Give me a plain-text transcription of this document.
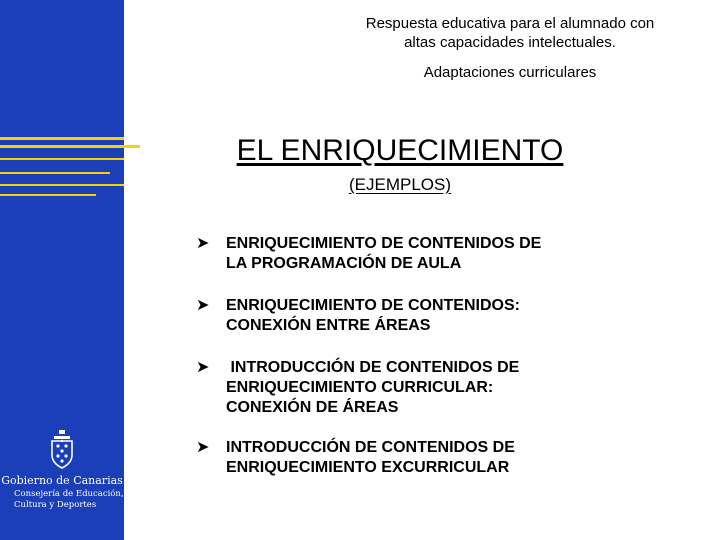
Gobierno de Canarias
Consejería de Educación,
Cultura y Deportes
Respuesta educativa para el alumnado con
altas capacidades intelectuales.
Adaptaciones curriculares
EL ENRIQUECIMIENTO
(EJEMPLOS)
➤ ENRIQUECIMIENTO DE CONTENIDOS DE
LA PROGRAMACIÓN DE AULA
➤ ENRIQUECIMIENTO DE CONTENIDOS:
CONEXIÓN ENTRE ÁREAS
➤ INTRODUCCIÓN DE CONTENIDOS DE
ENRIQUECIMIENTO CURRICULAR:
CONEXIÓN DE ÁREAS
➤ INTRODUCCIÓN DE CONTENIDOS DE
ENRIQUECIMIENTO EXCURRICULAR
